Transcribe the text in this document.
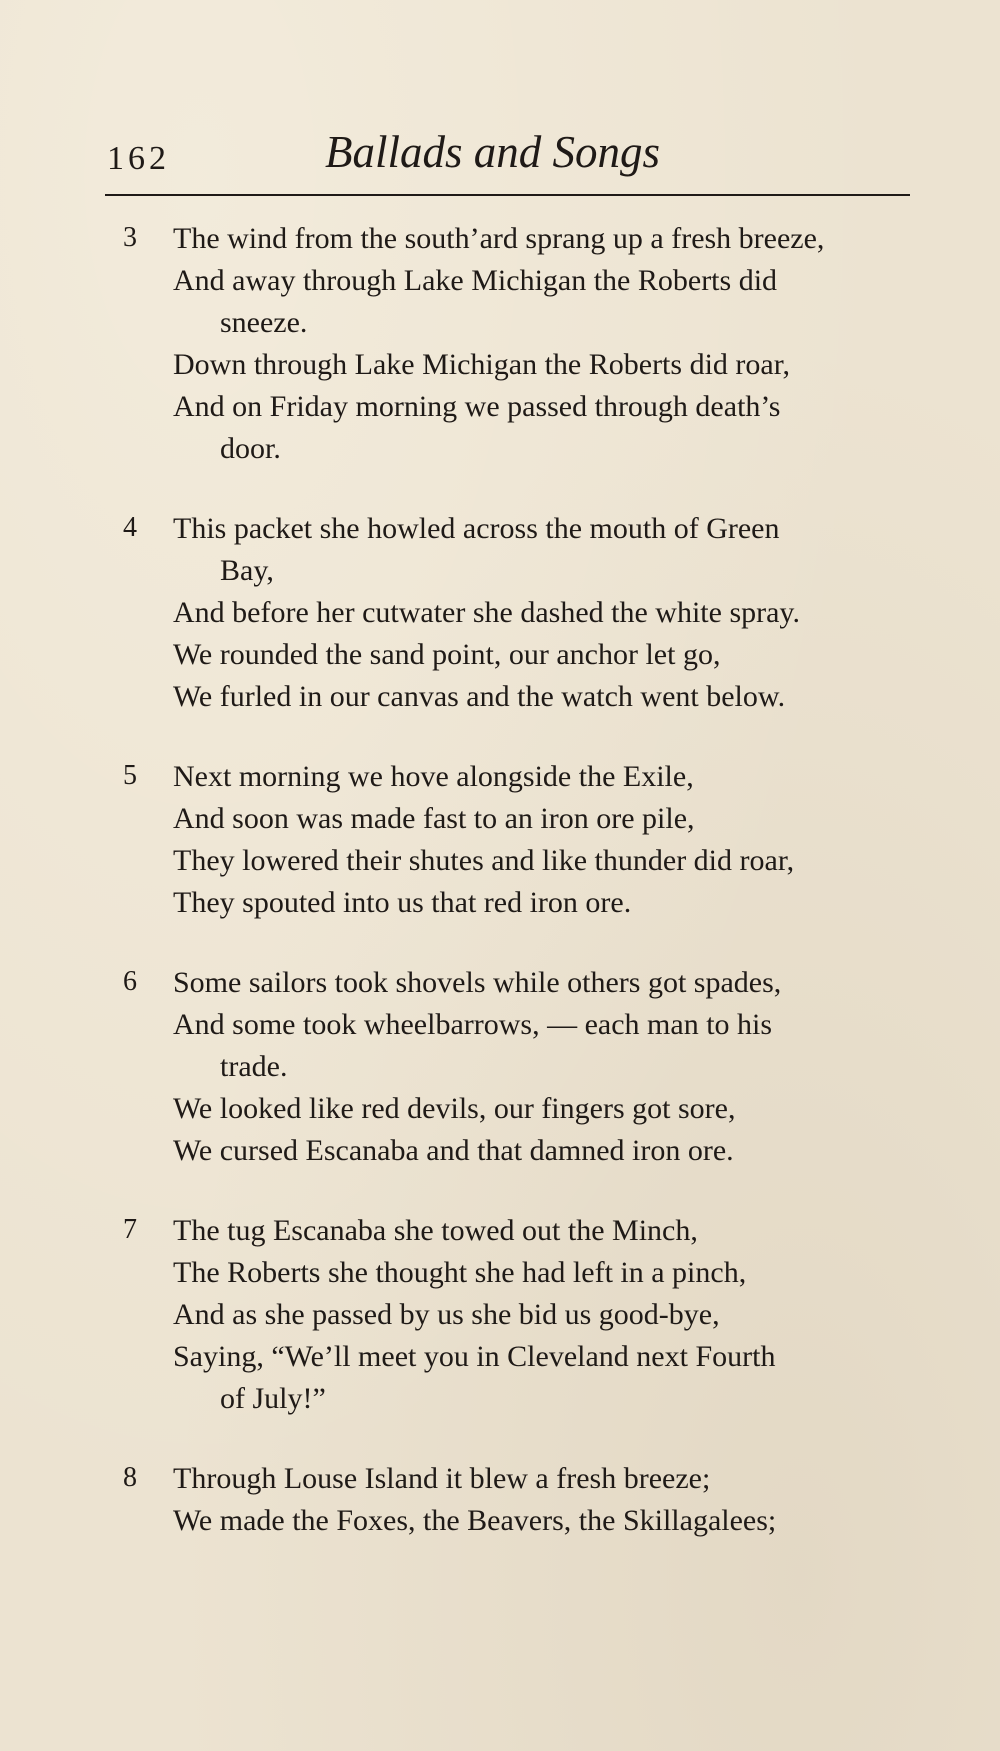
162	Ballads and Songs
3	The wind from the south’ard sprang up a fresh breeze,
And away through Lake Michigan the Roberts did
sneeze.
Down through Lake Michigan the Roberts did roar,
And on Friday morning we passed through death’s
door.
4	This packet she howled across the mouth of Green
Bay,
And before her cutwater she dashed the white spray.
We rounded the sand point, our anchor let go,
We furled in our canvas and the watch went below.
5	Next morning we hove alongside the Exile,
And soon was made fast to an iron ore pile,
They lowered their shutes and like thunder did roar,
They spouted into us that red iron ore.
6	Some sailors took shovels while others got spades,
And some took wheelbarrows, — each man to his
trade.
We looked like red devils, our fingers got sore,
We cursed Escanaba and that damned iron ore.
7	The tug Escanaba she towed out the Minch,
The Roberts she thought she had left in a pinch,
And as she passed by us she bid us good-bye,
Saying, “We’ll meet you in Cleveland next Fourth
of July!”
8	Through Louse Island it blew a fresh breeze;
We made the Foxes, the Beavers, the Skillagalees;
